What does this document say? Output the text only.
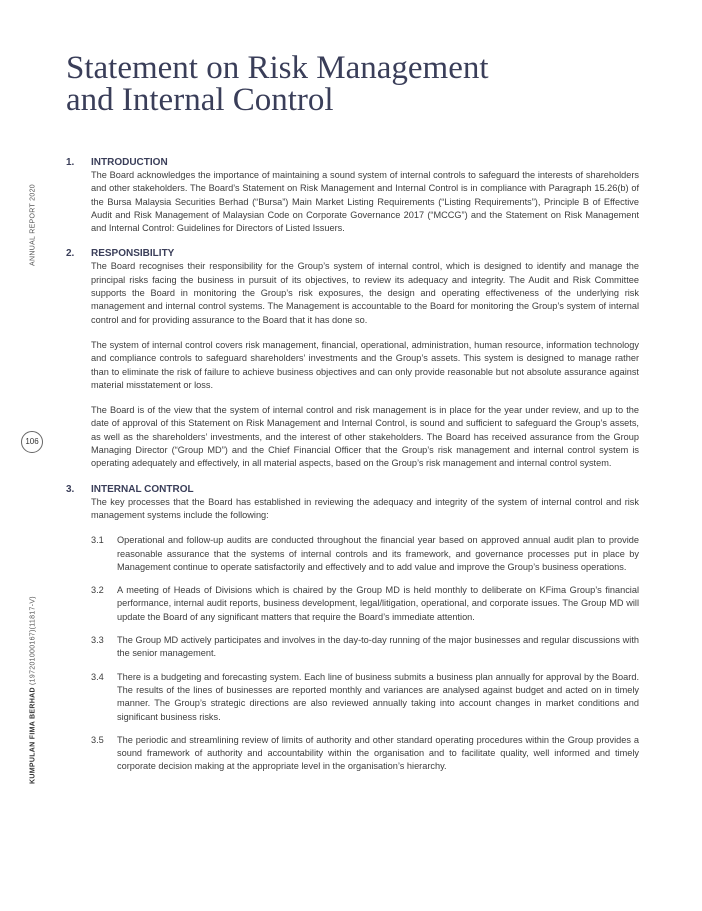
Statement on Risk Management
and Internal Control
ANNUAL REPORT 2020
106
KUMPULAN FIMA BERHAD (197201000167)(11817-V)
1.	INTRODUCTION

The Board acknowledges the importance of maintaining a sound system of internal controls to safeguard the interests of shareholders and other stakeholders. The Board’s Statement on Risk Management and Internal Control is in compliance with Paragraph 15.26(b) of the Bursa Malaysia Securities Berhad (“Bursa”) Main Market Listing Requirements (“Listing Requirements”), Principle B of Effective Audit and Risk Management of Malaysian Code on Corporate Governance 2017 (“MCCG”) and the Statement on Risk Management and Internal Control: Guidelines for Directors of Listed Issuers.

2.	RESPONSIBILITY

The Board recognises their responsibility for the Group’s system of internal control, which is designed to identify and manage the principal risks facing the business in pursuit of its objectives, to review its adequacy and integrity. The Audit and Risk Committee supports the Board in monitoring the Group’s risk exposures, the design and operating effectiveness of the underlying risk management and internal control systems. The Management is accountable to the Board for monitoring the Group’s system of internal control and for providing assurance to the Board that it has done so.

The system of internal control covers risk management, financial, operational, administration, human resource, information technology and compliance controls to safeguard shareholders’ investments and the Group’s assets. This system is designed to manage rather than to eliminate the risk of failure to achieve business objectives and can only provide reasonable but not absolute assurance against material misstatement or loss.

The Board is of the view that the system of internal control and risk management is in place for the year under review, and up to the date of approval of this Statement on Risk Management and Internal Control, is sound and sufficient to safeguard the Group’s assets, as well as the shareholders’ investments, and the interest of other stakeholders. The Board has received assurance from the Group Managing Director (“Group MD”) and the Chief Financial Officer that the Group’s risk management and internal control system is operating adequately and effectively, in all material aspects, based on the Group’s risk management and internal control system.

3.	INTERNAL CONTROL

The key processes that the Board has established in reviewing the adequacy and integrity of the system of internal control and risk management systems include the following:

3.1	Operational and follow-up audits are conducted throughout the financial year based on approved annual audit plan to provide reasonable assurance that the systems of internal controls and its framework, and governance processes put in place by Management continue to operate satisfactorily and effectively and to add value and improve the Group’s business operations.
3.2	A meeting of Heads of Divisions which is chaired by the Group MD is held monthly to deliberate on KFima Group’s financial performance, internal audit reports, business development, legal/litigation, operational, and corporate issues. The Group MD will update the Board of any significant matters that require the Board’s immediate attention.
3.3	The Group MD actively participates and involves in the day-to-day running of the major businesses and regular discussions with the senior management.
3.4	There is a budgeting and forecasting system. Each line of business submits a business plan annually for approval by the Board. The results of the lines of businesses are reported monthly and variances are analysed against budget and acted on in timely manner. The Group’s strategic directions are also reviewed annually taking into account changes in market conditions and significant business risks.
3.5	The periodic and streamlining review of limits of authority and other standard operating procedures within the Group provides a sound framework of authority and accountability within the organisation and to facilitate quality, well informed and timely corporate decision making at the appropriate level in the organisation’s hierarchy.
